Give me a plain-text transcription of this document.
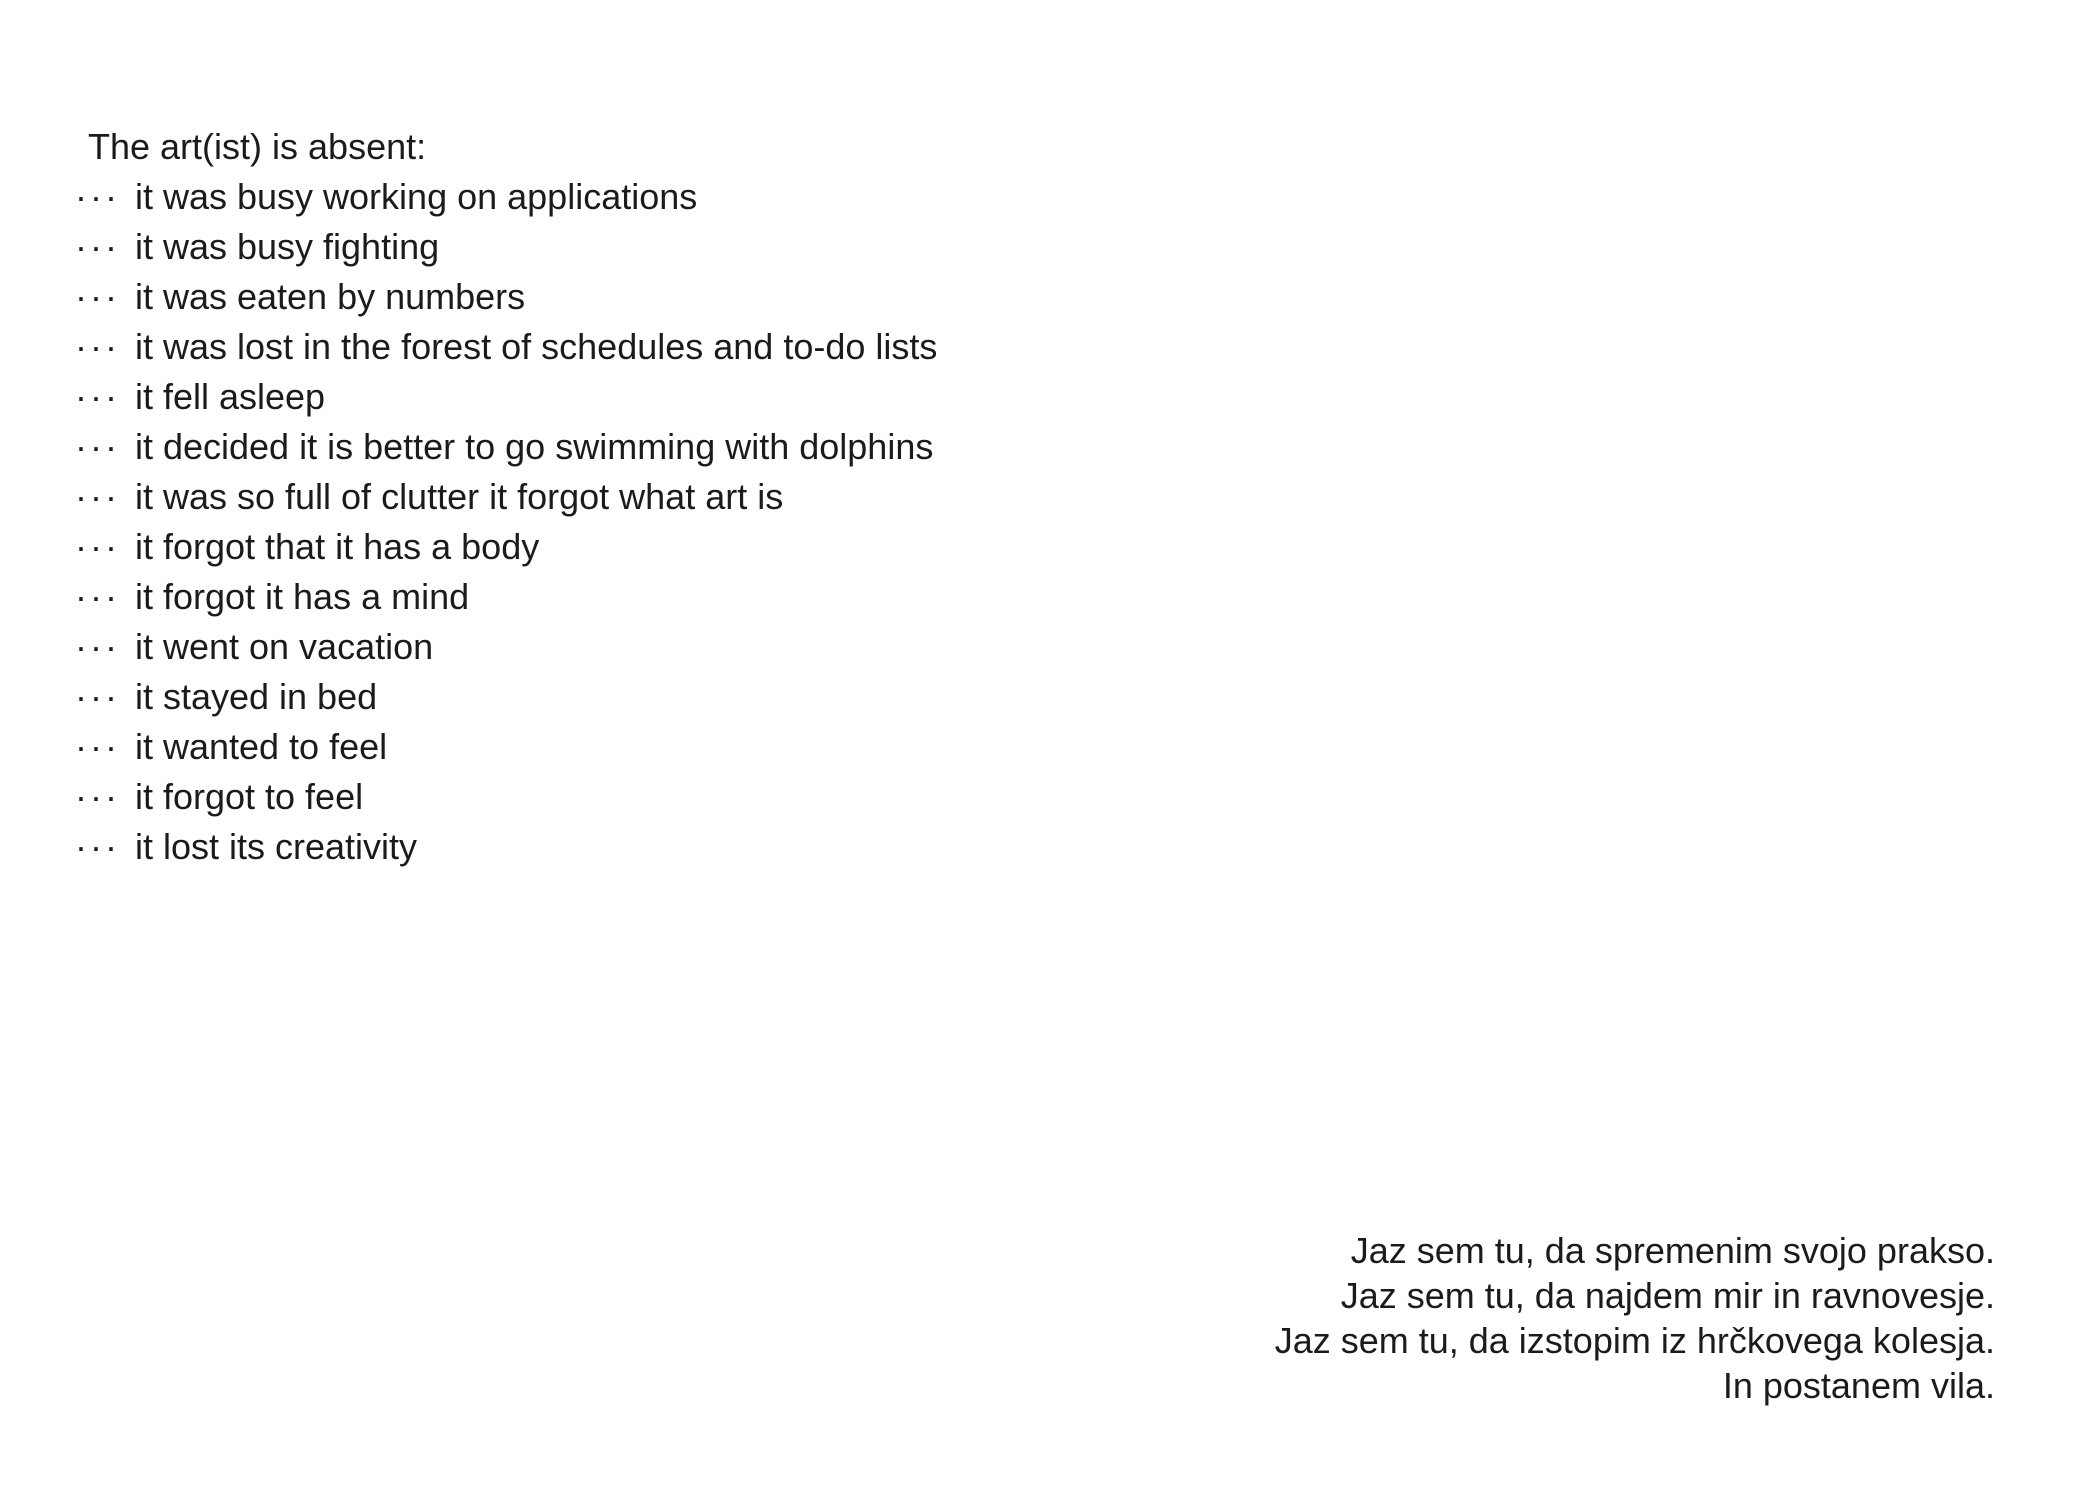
The art(ist) is absent:
··· it was busy working on applications
··· it was busy fighting
··· it was eaten by numbers
··· it was lost in the forest of schedules and to-do lists
··· it fell asleep
··· it decided it is better to go swimming with dolphins
··· it was so full of clutter it forgot what art is
··· it forgot that it has a body
··· it forgot it has a mind
··· it went on vacation
··· it stayed in bed
··· it wanted to feel
··· it forgot to feel
··· it lost its creativity
Jaz sem tu, da spremenim svojo prakso.
Jaz sem tu, da najdem mir in ravnovesje.
Jaz sem tu, da izstopim iz hrčkovega kolesja.
In postanem vila.
